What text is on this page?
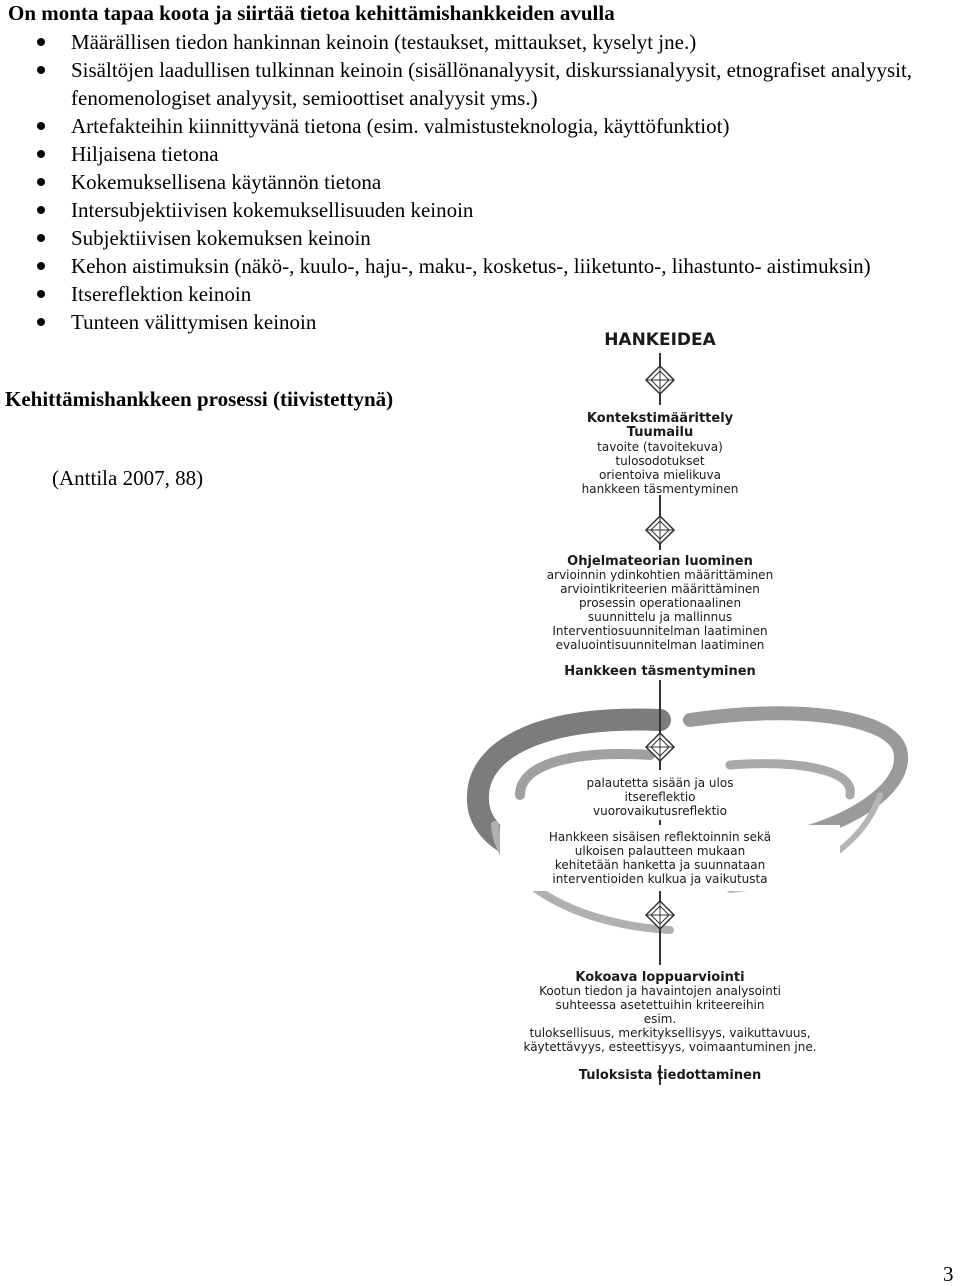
On monta tapaa koota ja siirtää tietoa kehittämishankkeiden avulla
Määrällisen tiedon hankinnan keinoin (testaukset, mittaukset, kyselyt jne.)
Sisältöjen laadullisen tulkinnan keinoin (sisällönanalyysit, diskurssianalyysit, etnografiset analyysit, fenomenologiset analyysit, semioottiset analyysit yms.)
Artefakteihin kiinnittyvänä tietona (esim. valmistusteknologia, käyttöfunktiot)
Hiljaisena tietona
Kokemuksellisena käytännön tietona
Intersubjektiivisen kokemuksellisuuden keinoin
Subjektiivisen kokemuksen keinoin
Kehon aistimuksin (näkö-, kuulo-, haju-, maku-, kosketus-, liiketunto-, lihastunto- aistimuksin)
Itsereflektion keinoin
Tunteen välittymisen keinoin
Kehittämishankkeen prosessi (tiivistettynä)
(Anttila 2007, 88)
HANKEIDEA
Kontekstimäärittely
Tuumailu
tavoite (tavoitekuva)
tulosodotukset
orientoiva mielikuva
hankkeen täsmentyminen
Ohjelmateorian luominen
arvioinnin ydinkohtien määrittäminen
arviointikriteerien määrittäminen
prosessin operationaalinen
suunnittelu ja mallinnus
Interventiosuunnitelman laatiminen
evaluointisuunnitelman laatiminen
Hankkeen täsmentyminen
palautetta sisään ja ulos
itsereflektio
vuorovaikutusreflektio
Hankkeen sisäisen reflektoinnin sekä
ulkoisen palautteen mukaan
kehitetään hanketta ja suunnataan
interventioiden kulkua ja vaikutusta
Kokoava loppuarviointi
Kootun tiedon ja havaintojen analysointi
suhteessa asetettuihin kriteereihin
esim.
tuloksellisuus, merkityksellisyys, vaikuttavuus,
käytettävyys, esteettisyys, voimaantuminen jne.
Tuloksista tiedottaminen
3
